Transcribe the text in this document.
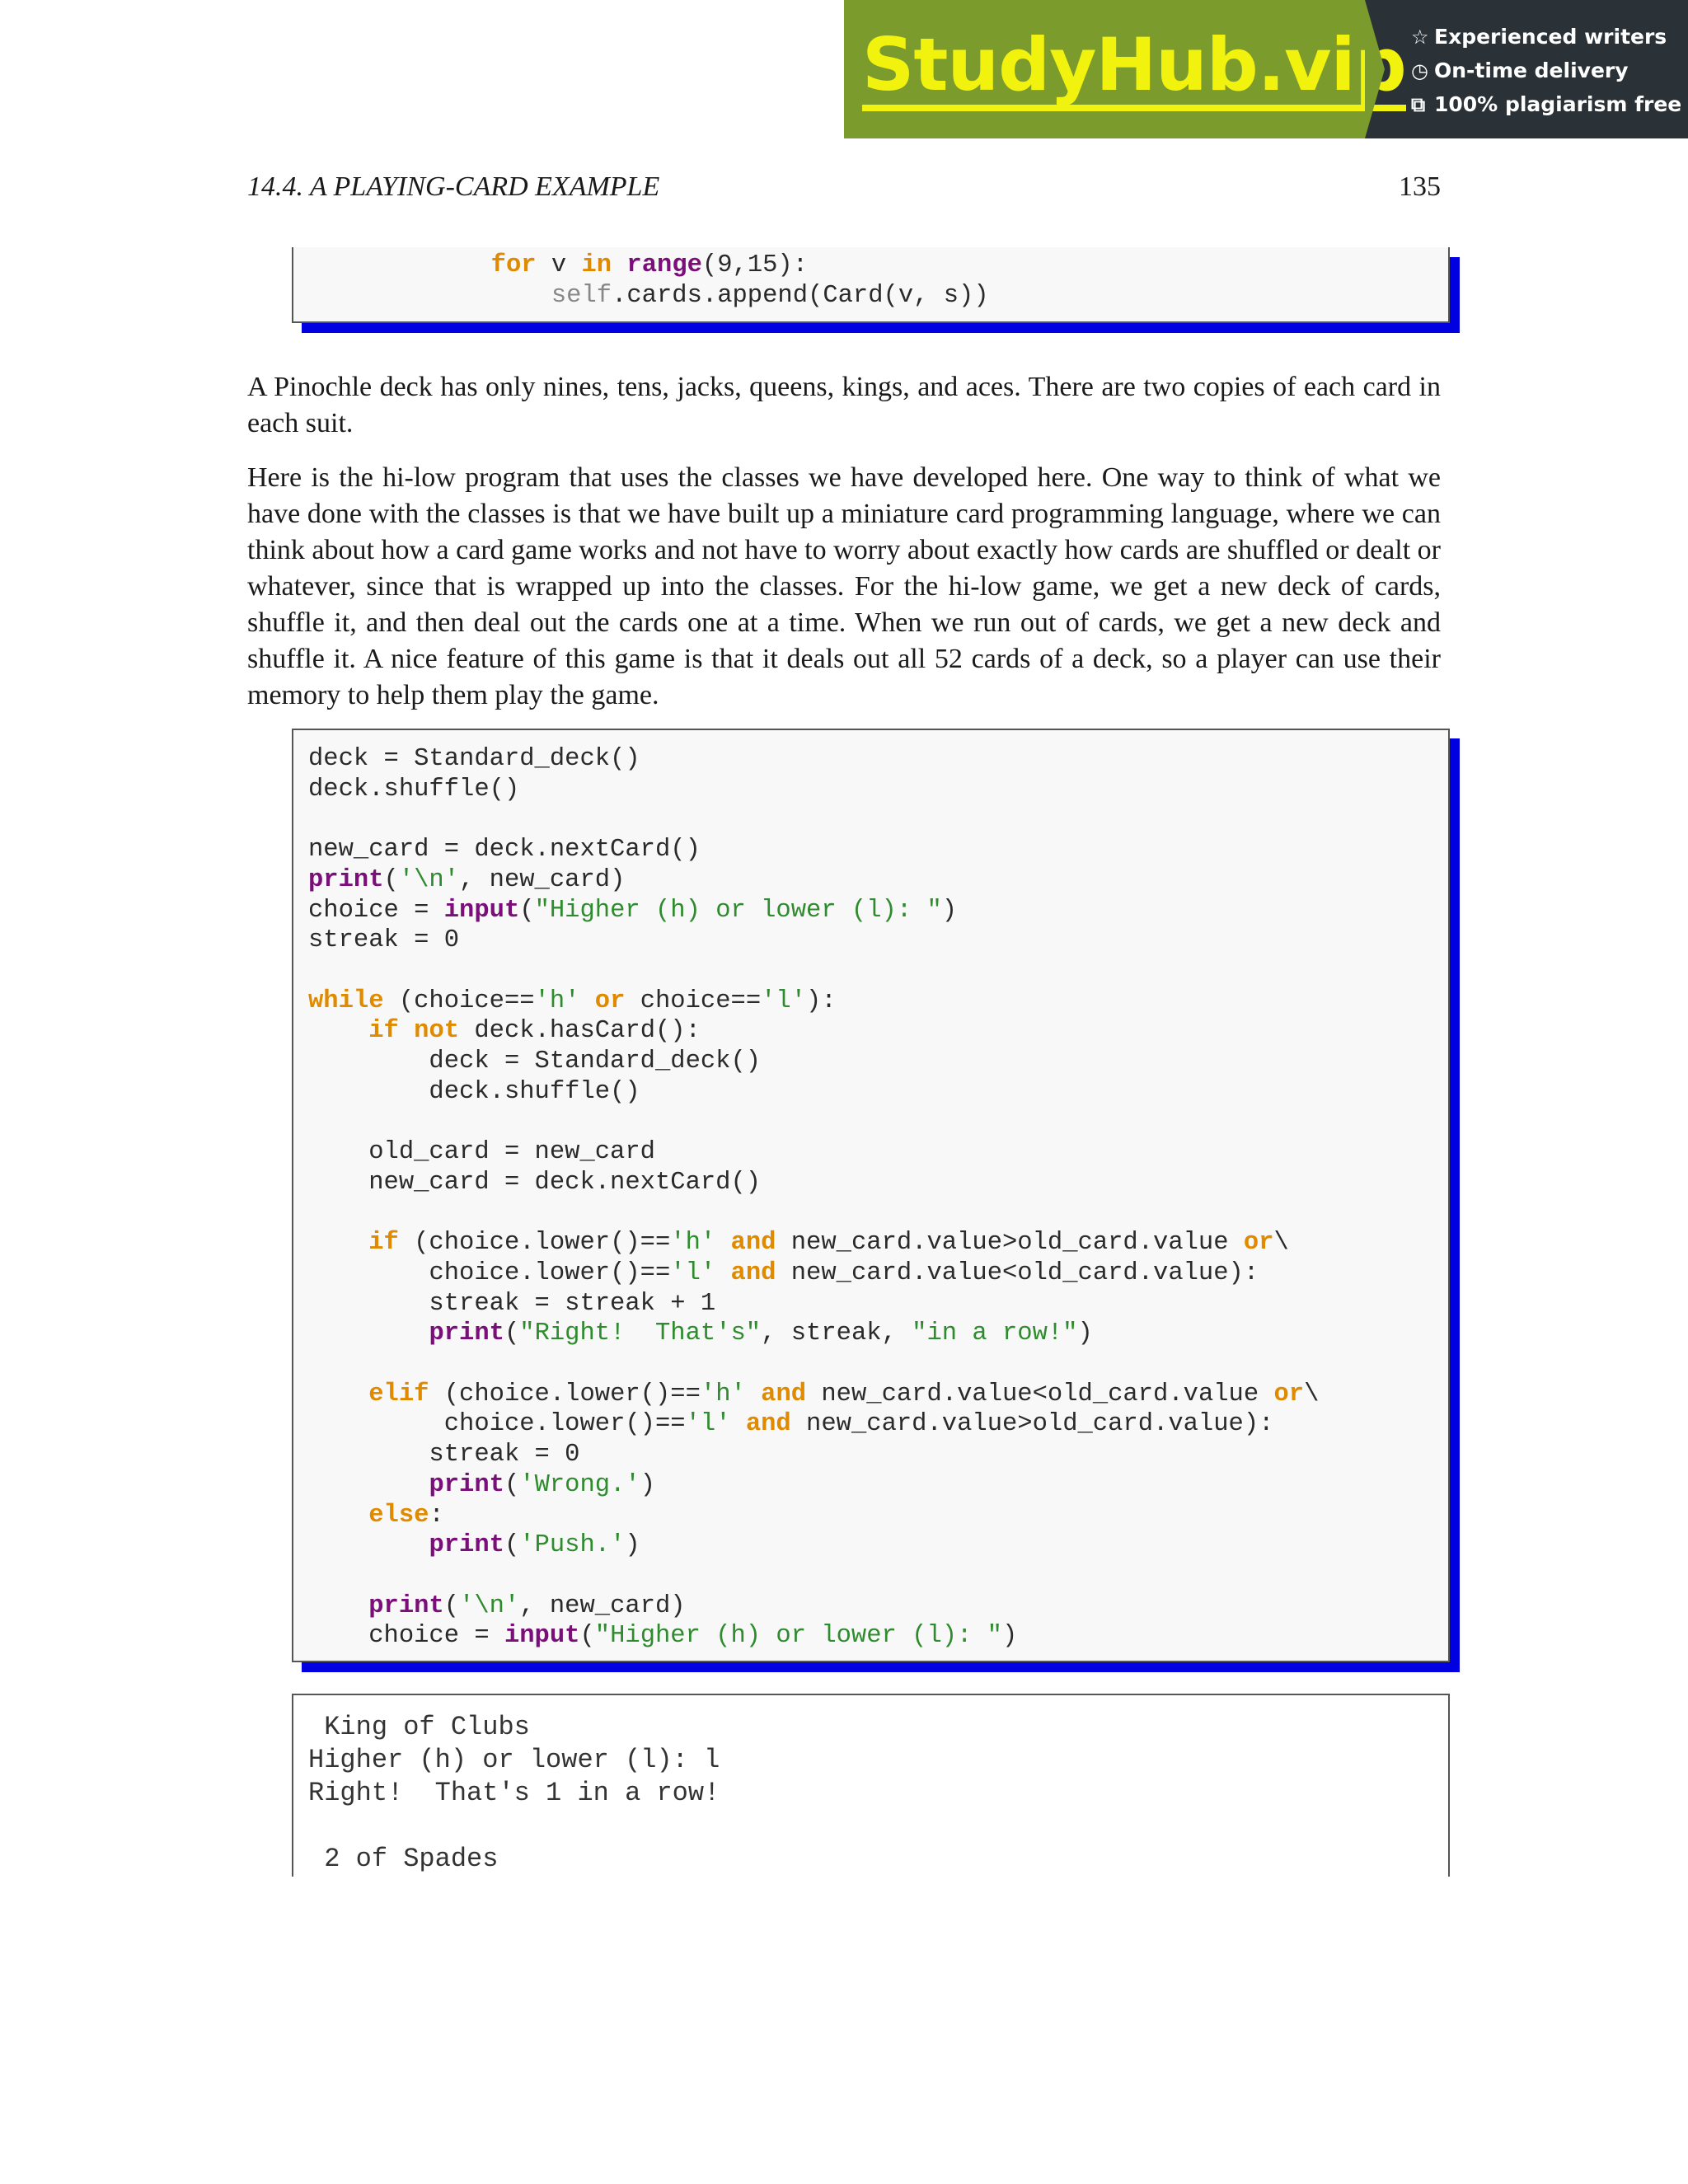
StudyHub.vip ☆ Experienced writers
◷ On-time delivery
⧉ 100% plagiarism free
14.4. A PLAYING-CARD EXAMPLE	135
for v in range(9,15):
self.cards.append(Card(v, s))

A Pinochle deck has only nines, tens, jacks, queens, kings, and aces. There are two copies of each card in each suit.

Here is the hi-low program that uses the classes we have developed here. One way to think of what we have done with the classes is that we have built up a miniature card programming language, where we can think about how a card game works and not have to worry about exactly how cards are shuffled or dealt or whatever, since that is wrapped up into the classes. For the hi-low game, we get a new deck of cards, shuffle it, and then deal out the cards one at a time. When we run out of cards, we get a new deck and shuffle it. A nice feature of this game is that it deals out all 52 cards of a deck, so a player can use their memory to help them play the game.

deck = Standard_deck()
deck.shuffle()

new_card = deck.nextCard()
print('\n', new_card)
choice = input("Higher (h) or lower (l): ")
streak = 0

while (choice=='h' or choice=='l'):
if not deck.hasCard():
deck = Standard_deck()
deck.shuffle()

old_card = new_card
new_card = deck.nextCard()

if (choice.lower()=='h' and new_card.value>old_card.value or\
choice.lower()=='l' and new_card.value<old_card.value):
streak = streak + 1
print("Right!  That's", streak, "in a row!")

elif (choice.lower()=='h' and new_card.value<old_card.value or\
choice.lower()=='l' and new_card.value>old_card.value):
streak = 0
print('Wrong.')
else:
print('Push.')

print('\n', new_card)
choice = input("Higher (h) or lower (l): ")
King of Clubs
Higher (h) or lower (l): l
Right!  That's 1 in a row!

2 of Spades
